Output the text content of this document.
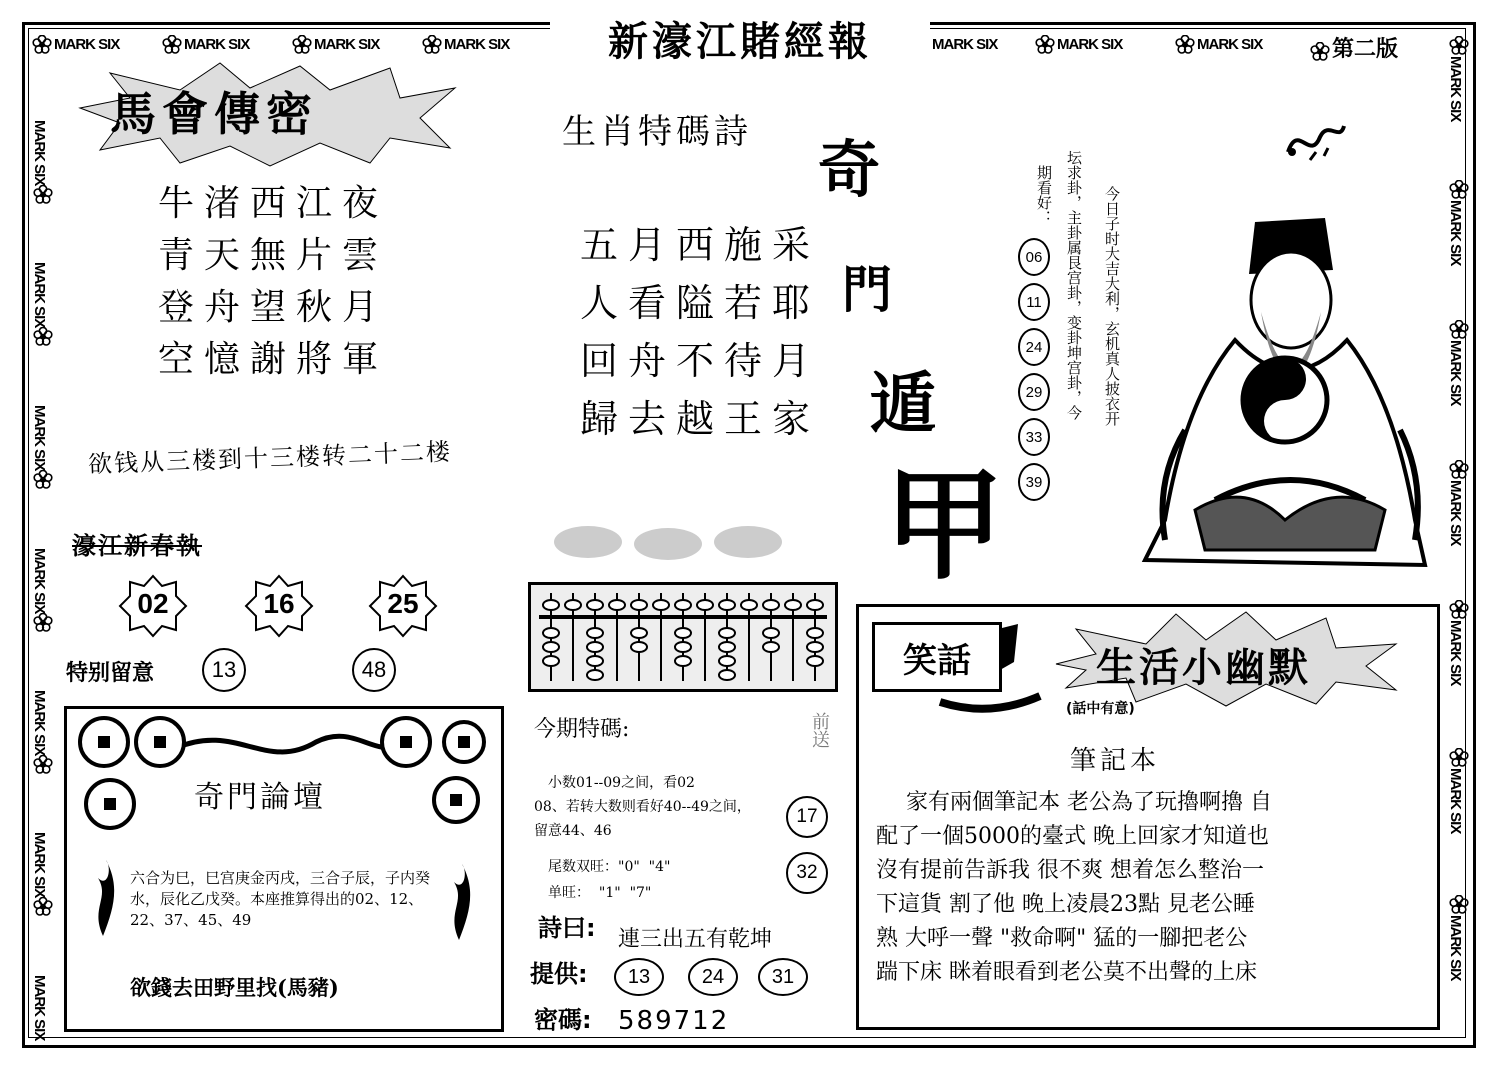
MARK SIX	MARK SIX	MARK SIX	MARK SIX	MARK SIX	MARK SIX	MARK SIX	第二版
新濠江賭經報
MARK SIX
MARK SIX
MARK SIX
MARK SIX
MARK SIX
MARK SIX
MARK SIX
MARK SIX
MARK SIX
MARK SIX
MARK SIX
MARK SIX
MARK SIX
MARK SIX
馬會傳密
牛渚西江夜
青天無片雲
登舟望秋月
空憶謝將軍
欲钱从三楼到十三楼转二十二楼
生肖特碼詩
五月西施采
人看隘若耶
回舟不待月
歸去越王家
奇
門
遁
甲
今日子时大吉大利，玄机真人披衣开
坛求卦，主卦属艮宫卦，变卦坤宫卦，今
期看好：
06
11
24
29
33
39
濠江新春執
02	16	25
特别留意	13	48
奇門論壇
六合为巳，巳宫庚金丙戌，三合子辰，子内癸水，辰化乙戊癸。本座推算得出的02、12、22、37、45、49
欲錢去田野里找(馬豬)
今期特碼:	前送
小数01--09之间，看02
08、若转大数则看好40--49之间，
留意44、46
尾数双旺："0"  "4"
单旺：  "1"  "7"
17
32
詩曰: 連三出五有乾坤
提供:	13	24	31
密碼: 589712
笑話	生活小幽默
(話中有意)
筆記本
家有兩個筆記本 老公為了玩擼啊擼 自
配了一個5000的臺式 晚上回家才知道也
沒有提前告訴我 很不爽 想着怎么整治一
下這貨 割了他 晚上凌晨23點 見老公睡
熟 大呼一聲 "救命啊" 猛的一腳把老公
踹下床 眯着眼看到老公莫不出聲的上床
